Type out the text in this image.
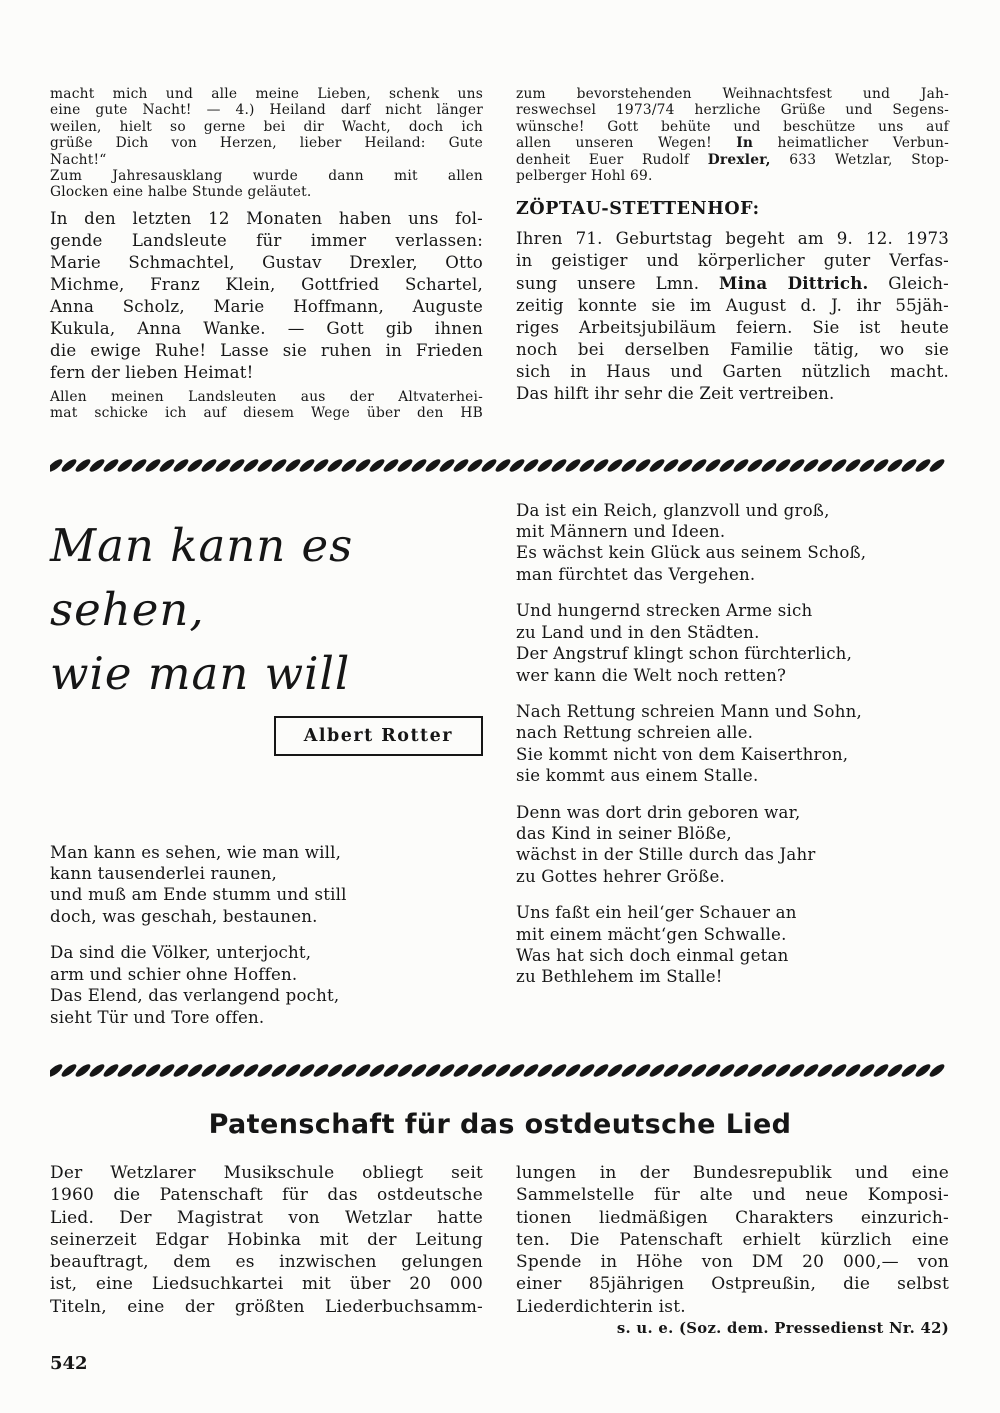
macht mich und alle meine Lieben, schenk uns
eine gute Nacht! — 4.) Heiland darf nicht länger
weilen, hielt so gerne bei dir Wacht, doch ich
grüße Dich von Herzen, lieber Heiland: Gute
Nacht!“
Zum Jahresausklang wurde dann mit allen
Glocken eine halbe Stunde geläutet.
In den letzten 12 Monaten haben uns fol-
gende Landsleute für immer verlassen:
Marie Schmachtel, Gustav Drexler, Otto
Michme, Franz Klein, Gottfried Schartel,
Anna Scholz, Marie Hoffmann, Auguste
Kukula, Anna Wanke. — Gott gib ihnen
die ewige Ruhe! Lasse sie ruhen in Frieden
fern der lieben Heimat!
Allen meinen Landsleuten aus der Altvaterhei-
mat schicke ich auf diesem Wege über den HB
zum bevorstehenden Weihnachtsfest und Jah-
reswechsel 1973/74 herzliche Grüße und Segens-
wünsche! Gott behüte und beschütze uns auf
allen unseren Wegen! In heimatlicher Verbun-
denheit Euer Rudolf Drexler, 633 Wetzlar, Stop-
pelberger Hohl 69.
ZÖPTAU-STETTENHOF:
Ihren 71. Geburtstag begeht am 9. 12. 1973
in geistiger und körperlicher guter Verfas-
sung unsere Lmn. Mina Dittrich. Gleich-
zeitig konnte sie im August d. J. ihr 55jäh-
riges Arbeitsjubiläum feiern. Sie ist heute
noch bei derselben Familie tätig, wo sie
sich in Haus und Garten nützlich macht.
Das hilft ihr sehr die Zeit vertreiben.
Man kann es sehen,
wie man will
Albert Rotter
Man kann es sehen, wie man will,
kann tausenderlei raunen,
und muß am Ende stumm und still
doch, was geschah, bestaunen.
Da sind die Völker, unterjocht,
arm und schier ohne Hoffen.
Das Elend, das verlangend pocht,
sieht Tür und Tore offen.
Da ist ein Reich, glanzvoll und groß,
mit Männern und Ideen.
Es wächst kein Glück aus seinem Schoß,
man fürchtet das Vergehen.
Und hungernd strecken Arme sich
zu Land und in den Städten.
Der Angstruf klingt schon fürchterlich,
wer kann die Welt noch retten?
Nach Rettung schreien Mann und Sohn,
nach Rettung schreien alle.
Sie kommt nicht von dem Kaiserthron,
sie kommt aus einem Stalle.
Denn was dort drin geboren war,
das Kind in seiner Blöße,
wächst in der Stille durch das Jahr
zu Gottes hehrer Größe.
Uns faßt ein heil‘ger Schauer an
mit einem mächt‘gen Schwalle.
Was hat sich doch einmal getan
zu Bethlehem im Stalle!
Patenschaft für das ostdeutsche Lied
Der Wetzlarer Musikschule obliegt seit
1960 die Patenschaft für das ostdeutsche
Lied. Der Magistrat von Wetzlar hatte
seinerzeit Edgar Hobinka mit der Leitung
beauftragt, dem es inzwischen gelungen
ist, eine Liedsuchkartei mit über 20 000
Titeln, eine der größten Liederbuchsamm-
lungen in der Bundesrepublik und eine
Sammelstelle für alte und neue Komposi-
tionen liedmäßigen Charakters einzurich-
ten. Die Patenschaft erhielt kürzlich eine
Spende in Höhe von DM 20 000,— von
einer 85jährigen Ostpreußin, die selbst
Liederdichterin ist.
s. u. e. (Soz. dem. Pressedienst Nr. 42)
542
